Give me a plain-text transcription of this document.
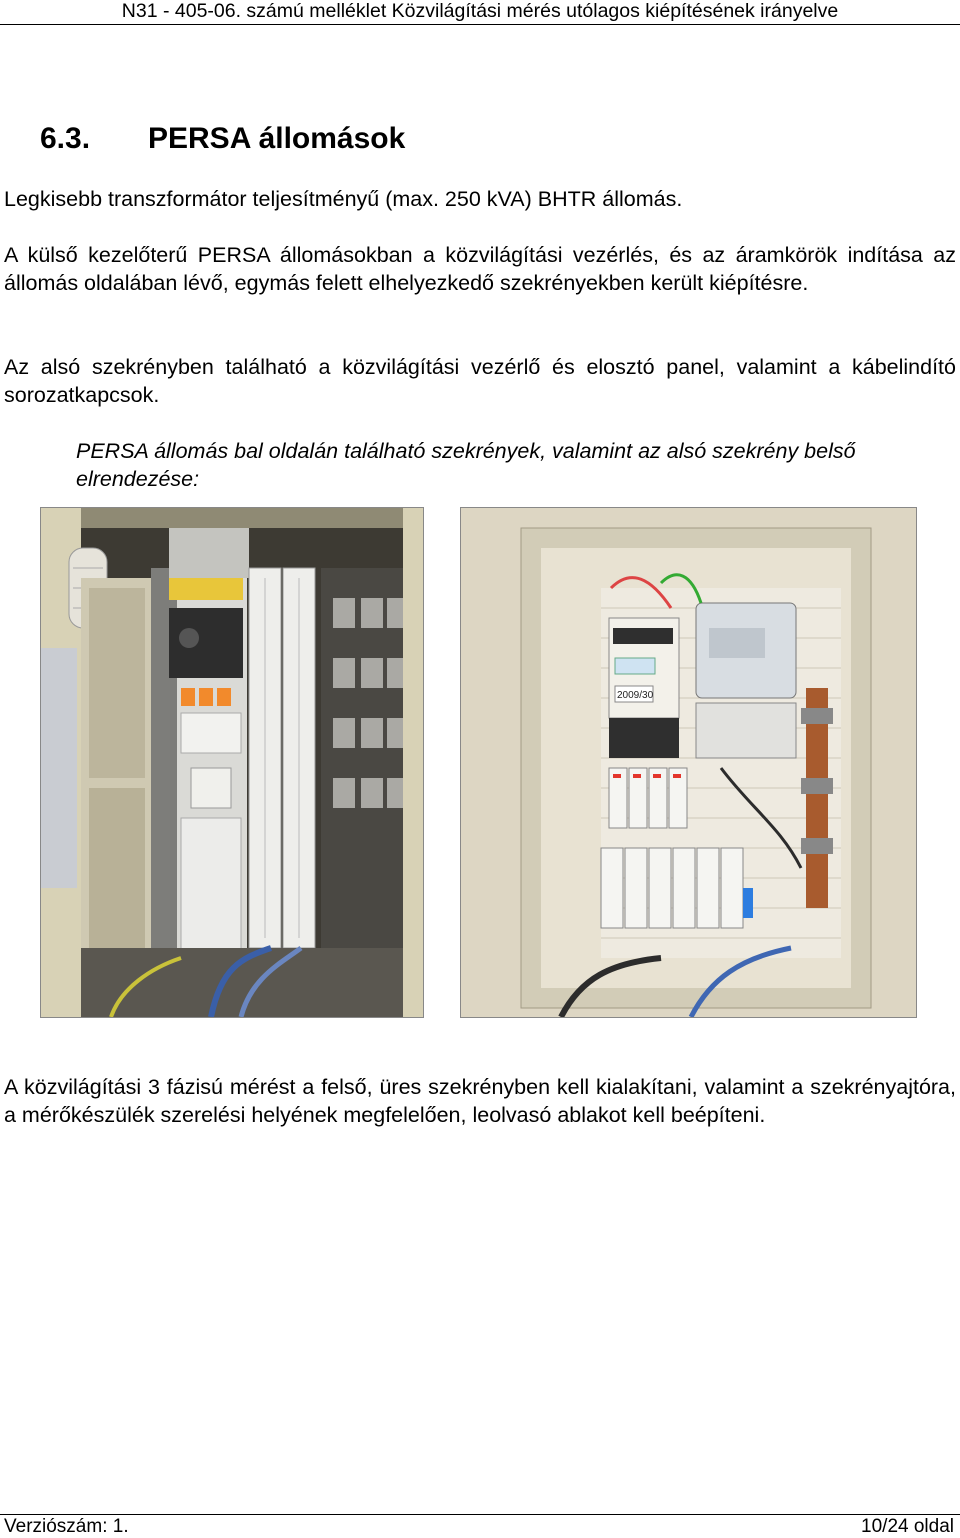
N31 - 405-06. számú melléklet Közvilágítási mérés utólagos kiépítésének irányelve
6.3. PERSA állomások
Legkisebb transzformátor teljesítményű (max. 250 kVA) BHTR állomás.
A külső kezelőterű PERSA állomásokban a közvilágítási vezérlés, és az áramkörök indítása az állomás oldalában lévő, egymás felett elhelyezkedő szekrényekben került kiépítésre.
Az alsó szekrényben található a közvilágítási vezérlő és elosztó panel, valamint a kábelindító sorozatkapcsok.
PERSA állomás bal oldalán található szekrények, valamint az alsó szekrény belső elrendezése:
2009/30
A közvilágítási 3 fázisú mérést a felső, üres szekrényben kell kialakítani, valamint a szekrényajtóra, a mérőkészülék szerelési helyének megfelelően, leolvasó ablakot kell beépíteni.
Verziószám: 1.	10/24 oldal
